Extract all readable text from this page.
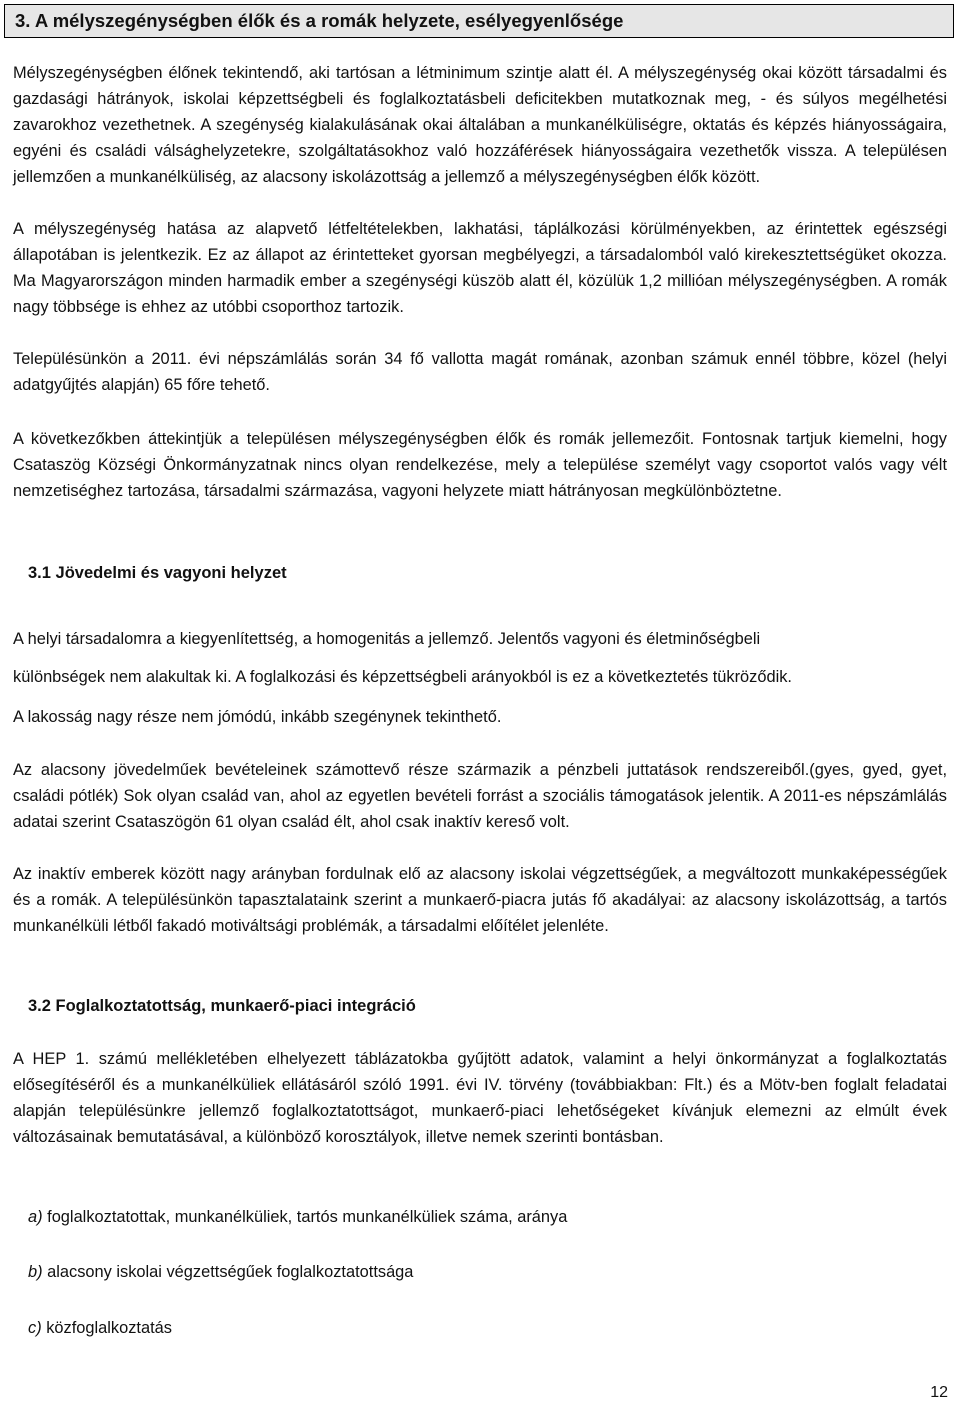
3. A mélyszegénységben élők és a romák helyzete, esélyegyenlősége

Mélyszegénységben élőnek tekintendő, aki tartósan a létminimum szintje alatt él. A mélyszegénység okai között társadalmi és gazdasági hátrányok, iskolai képzettségbeli és foglalkoztatásbeli deficitekben mutatkoznak meg, - és súlyos megélhetési zavarokhoz vezethetnek. A szegénység kialakulásának okai általában a munkanélküliségre, oktatás és képzés hiányosságaira, egyéni és családi válsághelyzetekre, szolgáltatásokhoz való hozzáférések hiányosságaira vezethetők vissza. A településen jellemzően a munkanélküliség, az alacsony iskolázottság a jellemző a mélyszegénységben élők között.

A mélyszegénység hatása az alapvető létfeltételekben, lakhatási, táplálkozási körülményekben, az érintettek egészségi állapotában is jelentkezik. Ez az állapot az érintetteket gyorsan megbélyegzi, a társadalomból való kirekesztettségüket okozza. Ma Magyarországon minden harmadik ember a szegénységi küszöb alatt él, közülük 1,2 millióan mélyszegénységben. A romák nagy többsége is ehhez az utóbbi csoporthoz tartozik.

Településünkön a 2011. évi népszámlálás során 34 fő vallotta magát romának, azonban számuk ennél többre, közel (helyi adatgyűjtés alapján) 65 főre tehető.

A következőkben áttekintjük a településen mélyszegénységben élők és romák jellemezőit. Fontosnak tartjuk kiemelni, hogy Csataszög Községi Önkormányzatnak nincs olyan rendelkezése, mely a települése személyt vagy csoportot valós vagy vélt nemzetiséghez tartozása, társadalmi származása, vagyoni helyzete miatt hátrányosan megkülönböztetne.

3.1 Jövedelmi és vagyoni helyzet

A helyi társadalomra a kiegyenlítettség, a homogenitás a jellemző. Jelentős vagyoni és életminőségbeli

különbségek nem alakultak ki. A foglalkozási és képzettségbeli arányokból is ez a következtetés tükröződik.

A lakosság nagy része nem jómódú, inkább szegénynek tekinthető.

Az alacsony jövedelműek bevételeinek számottevő része származik a pénzbeli juttatások rendszereiből.(gyes, gyed, gyet, családi pótlék) Sok olyan család van, ahol az egyetlen bevételi forrást a szociális támogatások jelentik. A 2011-es népszámlálás adatai szerint Csataszögön 61 olyan család élt, ahol csak inaktív kereső volt.

Az inaktív emberek között nagy arányban fordulnak elő az alacsony iskolai végzettségűek, a megváltozott munkaképességűek és a romák. A településünkön tapasztalataink szerint a munkaerő-piacra jutás fő akadályai: az alacsony iskolázottság, a tartós munkanélküli létből fakadó motiváltsági problémák, a társadalmi előítélet jelenléte.

3.2 Foglalkoztatottság, munkaerő-piaci integráció

A HEP 1. számú mellékletében elhelyezett táblázatokba gyűjtött adatok, valamint a helyi önkormányzat a foglalkoztatás elősegítéséről és a munkanélküliek ellátásáról szóló 1991. évi IV. törvény (továbbiakban: Flt.) és a Mötv-ben foglalt feladatai alapján településünkre jellemző foglalkoztatottságot, munkaerő-piaci lehetőségeket kívánjuk elemezni az elmúlt évek változásainak bemutatásával, a különböző korosztályok, illetve nemek szerinti bontásban.

a) foglalkoztatottak, munkanélküliek, tartós munkanélküliek száma, aránya
b) alacsony iskolai végzettségűek foglalkoztatottsága
c) közfoglalkoztatás
12
